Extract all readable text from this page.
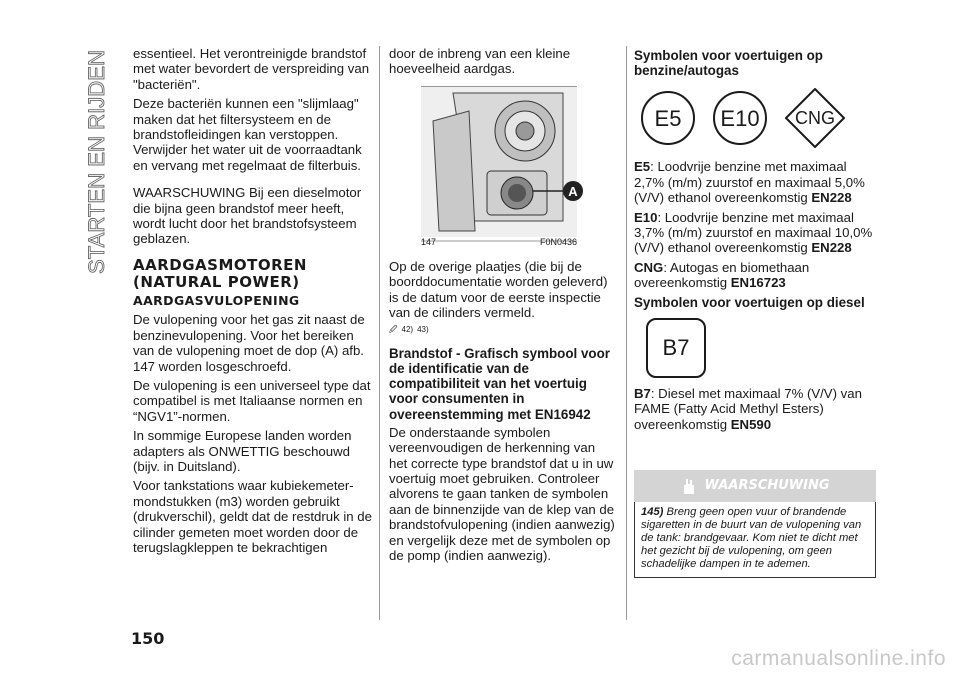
STARTEN EN RIJDEN essentieel. Het verontreinigde brandstof met water bevordert de verspreiding van "bacteriën".

Deze bacteriën kunnen een "slijmlaag" maken dat het filtersysteem en de brandstofleidingen kan verstoppen. Verwijder het water uit de voorraadtank en vervang met regelmaat de filterbuis.

WAARSCHUWING Bij een dieselmotor die bijna geen brandstof meer heeft, wordt lucht door het brandstofsysteem geblazen.

AARDGASMOTOREN (NATURAL POWER)
AARDGASVULOPENING

De vulopening voor het gas zit naast de benzinevulopening. Voor het bereiken van de vulopening moet de dop (A) afb. 147 worden losgeschroefd.

De vulopening is een universeel type dat compatibel is met Italiaanse normen en “NGV1”-normen.

In sommige Europese landen worden adapters als ONWETTIG beschouwd (bijv. in Duitsland).

Voor tankstations waar kubiekemeter-mondstukken (m3) worden gebruikt (drukverschil), geldt dat de restdruk in de cilinder gemeten moet worden door de terugslagkleppen te bekrachtigen

door de inbreng van een kleine hoeveelheid aardgas.

A
147	F0N0436

Op de overige plaatjes (die bij de boorddocumentatie worden geleverd) is de datum voor de eerste inspectie van de cilinders vermeld.

🖉 42) 43)
Brandstof - Grafisch symbool voor de identificatie van de compatibiliteit van het voertuig voor consumenten in overeenstemming met EN16942

De onderstaande symbolen vereenvoudigen de herkenning van het correcte type brandstof dat u in uw voertuig moet gebruiken. Controleer alvorens te gaan tanken de symbolen aan de binnenzijde van de klep van de brandstofvulopening (indien aanwezig) en vergelijk deze met de symbolen op de pomp (indien aanwezig).

Symbolen voor voertuigen op benzine/autogas
E5 E10 CNG

E5: Loodvrije benzine met maximaal 2,7% (m/m) zuurstof en maximaal 5,0% (V/V) ethanol overeenkomstig EN228

E10: Loodvrije benzine met maximaal 3,7% (m/m) zuurstof en maximaal 10,0% (V/V) ethanol overeenkomstig EN228

CNG: Autogas en biomethaan overeenkomstig EN16723

Symbolen voor voertuigen op diesel
B7

B7: Diesel met maximaal 7% (V/V) van FAME (Fatty Acid Methyl Esters) overeenkomstig EN590

WAARSCHUWING
145) Breng geen open vuur of brandende sigaretten in de buurt van de vulopening van de tank: brandgevaar. Kom niet te dicht met het gezicht bij de vulopening, om geen schadelijke dampen in te ademen.
150
carmanualsonline.info
